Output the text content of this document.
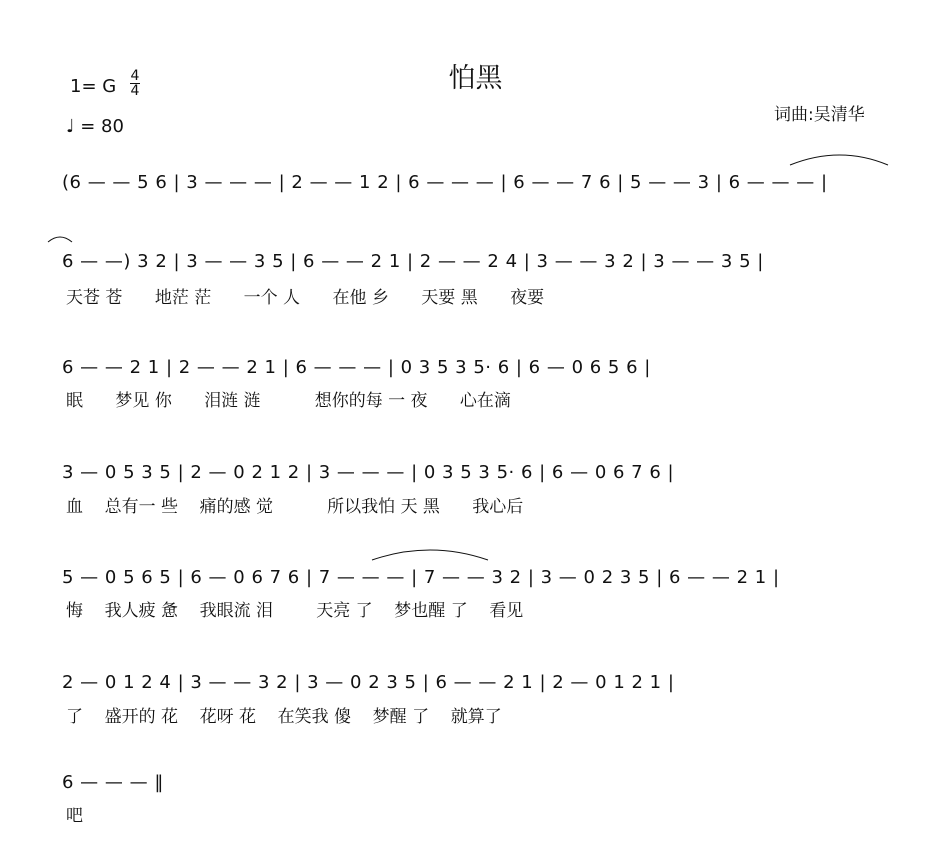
怕黑
1= G 4
4
♩ = 80
词曲:吴清华
(6 — — 5 6 | 3 — — — | 2 — — 1 2 | 6 — — — | 6 — — 7 6 | 5 — — 3 | 6 — — — |
6 — —) 3 2 | 3 — — 3 5 | 6 — — 2 1 | 2 — — 2 4 | 3 — — 3 2 | 3 — — 3 5 |
天苍 苍      地茫 茫      一个 人      在他 乡      天要 黑      夜要
6 — — 2 1 | 2 — — 2 1 | 6 — — — | 0 3 5 3 5· 6 | 6 — 0 6 5 6 |
眠      梦见 你      泪涟 涟          想你的每 一 夜      心在滴
3 — 0 5 3 5 | 2 — 0 2 1 2 | 3 — — — | 0 3 5 3 5· 6 | 6 — 0 6 7 6 |
血    总有一 些    痛的感 觉          所以我怕 天 黑      我心后
5 — 0 5 6 5 | 6 — 0 6 7 6 | 7 — — — | 7 — — 3 2 | 3 — 0 2 3 5 | 6 — — 2 1 |
悔    我人疲 惫    我眼流 泪        天亮 了    梦也醒 了    看见
2 — 0 1 2 4 | 3 — — 3 2 | 3 — 0 2 3 5 | 6 — — 2 1 | 2 — 0 1 2 1 |
了    盛开的 花    花呀 花    在笑我 傻    梦醒 了    就算了
6 — — — ‖
吧
